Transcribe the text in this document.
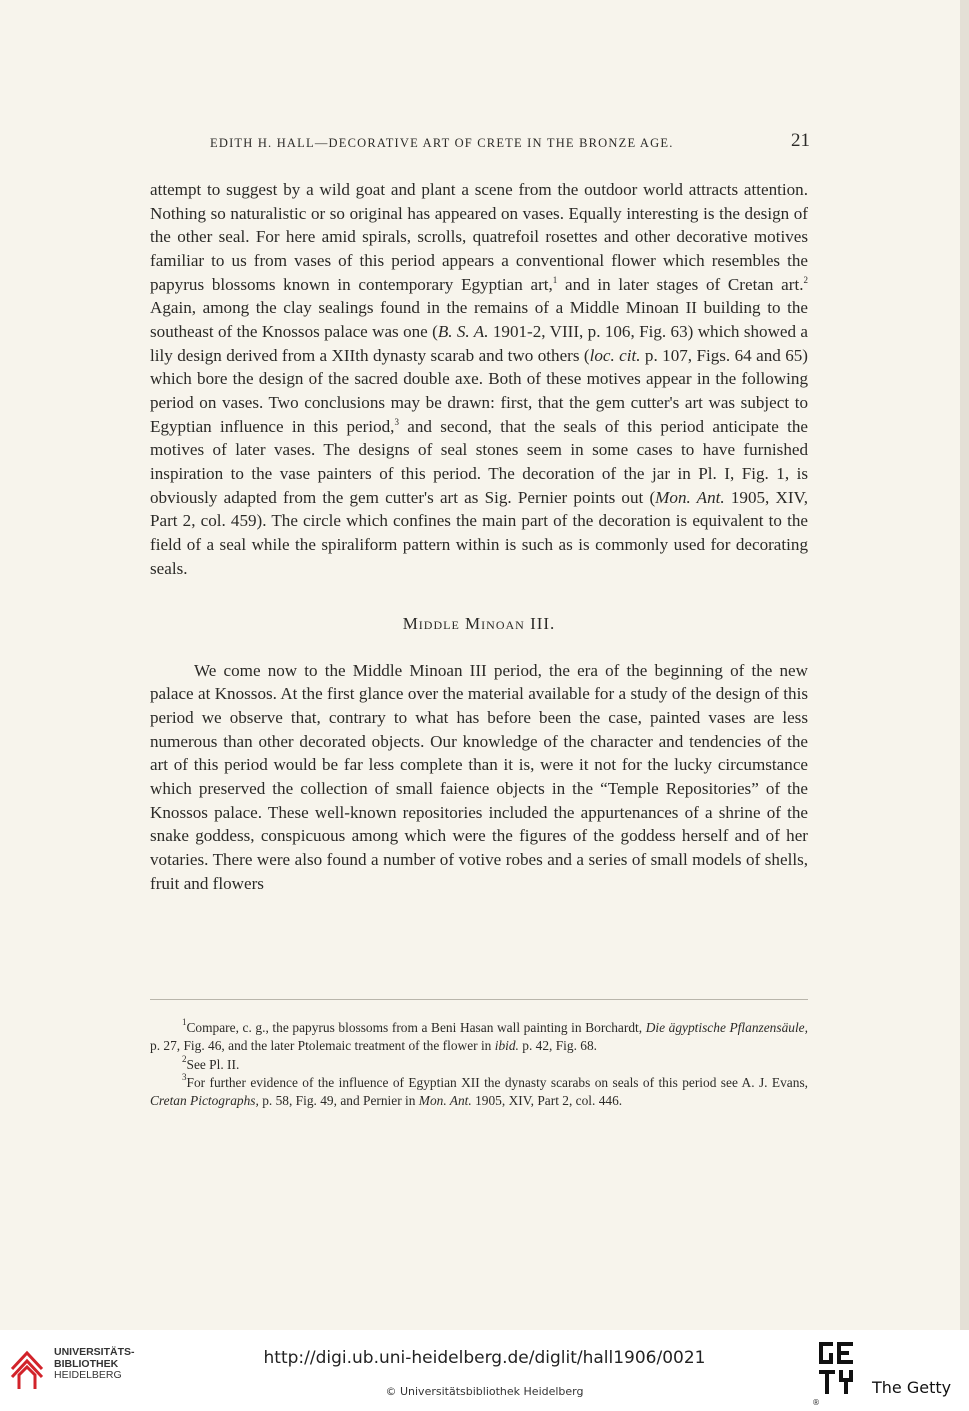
EDITH H. HALL—DECORATIVE ART OF CRETE IN THE BRONZE AGE.	21

attempt to suggest by a wild goat and plant a scene from the outdoor world attracts attention. Nothing so naturalistic or so original has appeared on vases. Equally interesting is the design of the other seal. For here amid spirals, scrolls, quatrefoil rosettes and other decorative motives familiar to us from vases of this period appears a conventional flower which resembles the papyrus blossoms known in contemporary Egyptian art,$^1$ and in later stages of Cretan art.$^2$ Again, among the clay sealings found in the remains of a Middle Minoan II building to the southeast of the Knossos palace was one (B. S. A. 1901-2, VIII, p. 106, Fig. 63) which showed a lily design derived from a XIIth dynasty scarab and two others (loc. cit. p. 107, Figs. 64 and 65) which bore the design of the sacred double axe. Both of these motives appear in the following period on vases. Two conclusions may be drawn: first, that the gem cutter's art was subject to Egyptian influence in this period,$^3$ and second, that the seals of this period anticipate the motives of later vases. The designs of seal stones seem in some cases to have furnished inspiration to the vase painters of this period. The decoration of the jar in Pl. I, Fig. 1, is obviously adapted from the gem cutter's art as Sig. Pernier points out (Mon. Ant. 1905, XIV, Part 2, col. 459). The circle which confines the main part of the decoration is equivalent to the field of a seal while the spiraliform pattern within is such as is commonly used for decorating seals.

Middle Minoan III.

We come now to the Middle Minoan III period, the era of the beginning of the new palace at Knossos. At the first glance over the material available for a study of the design of this period we observe that, contrary to what has before been the case, painted vases are less numerous than other decorated objects. Our knowledge of the character and tendencies of the art of this period would be far less complete than it is, were it not for the lucky circumstance which preserved the collection of small faience objects in the “Temple Repositories” of the Knossos palace. These well-known repositories included the appurtenances of a shrine of the snake goddess, conspicuous among which were the figures of the goddess herself and of her votaries. There were also found a number of votive robes and a series of small models of shells, fruit and flowers

$^1$Compare, c. g., the papyrus blossoms from a Beni Hasan wall painting in Borchardt, Die ägyptische Pflanzensäule, p. 27, Fig. 46, and the later Ptolemaic treatment of the flower in ibid. p. 42, Fig. 68.

$^2$See Pl. II.

$^3$For further evidence of the influence of Egyptian XII the dynasty scarabs on seals of this period see A. J. Evans, Cretan Pictographs, p. 58, Fig. 49, and Pernier in Mon. Ant. 1905, XIV, Part 2, col. 446.

UNIVERSITÄTS-
BIBLIOTHEK
HEIDELBERG
http://digi.ub.uni-heidelberg.de/diglit/hall1906/0021
© Universitätsbibliothek Heidelberg
®
The Getty
